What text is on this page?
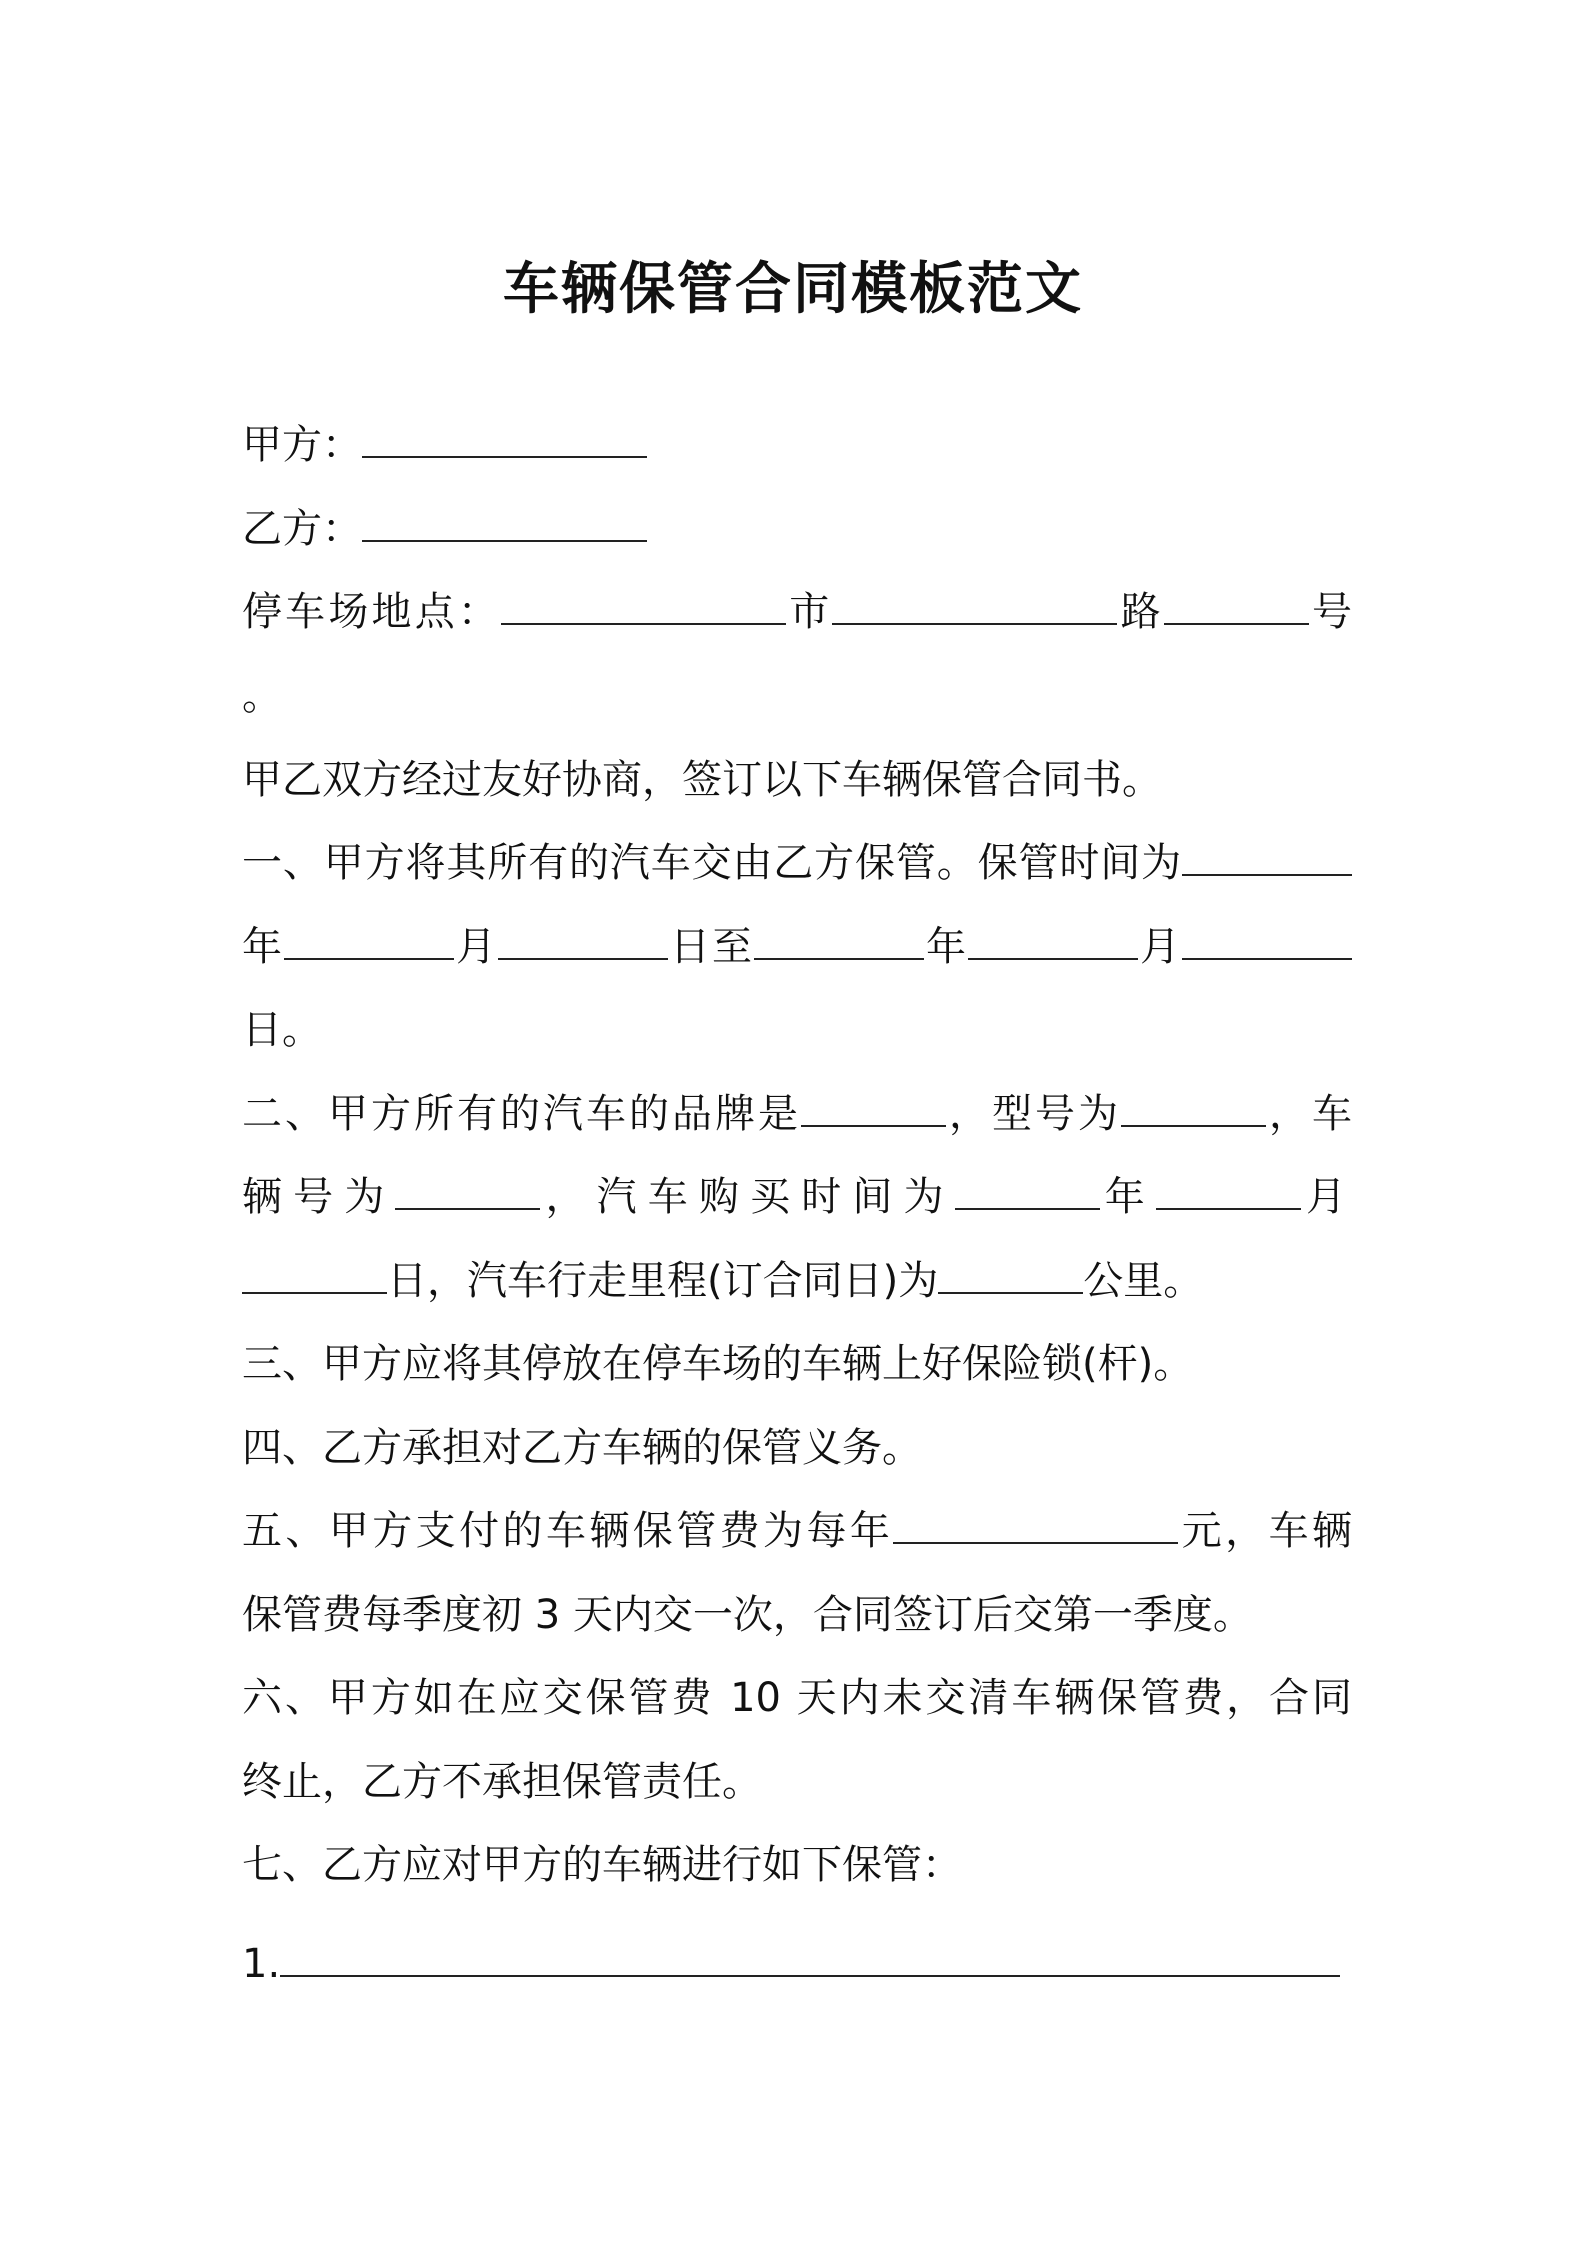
车辆保管合同模板范文
甲方：
乙方：
停车场地点：	市	路	号
。
甲乙双方经过友好协商，签订以下车辆保管合同书。
一、甲方将其所有的汽车交由乙方保管。保管时间为
年	月	日至	年	月
日。
二、甲方所有的汽车的品牌是	，型号为	，车
辆号为	，汽车购买时间为	年	月
日，汽车行走里程(订合同日)为	公里。
三、甲方应将其停放在停车场的车辆上好保险锁(杆)。
四、乙方承担对乙方车辆的保管义务。
五、甲方支付的车辆保管费为每年	元，车辆
保管费每季度初 3 天内交一次，合同签订后交第一季度。
六、甲方如在应交保管费 10 天内未交清车辆保管费，合同
终止，乙方不承担保管责任。
七、乙方应对甲方的车辆进行如下保管：
1.
